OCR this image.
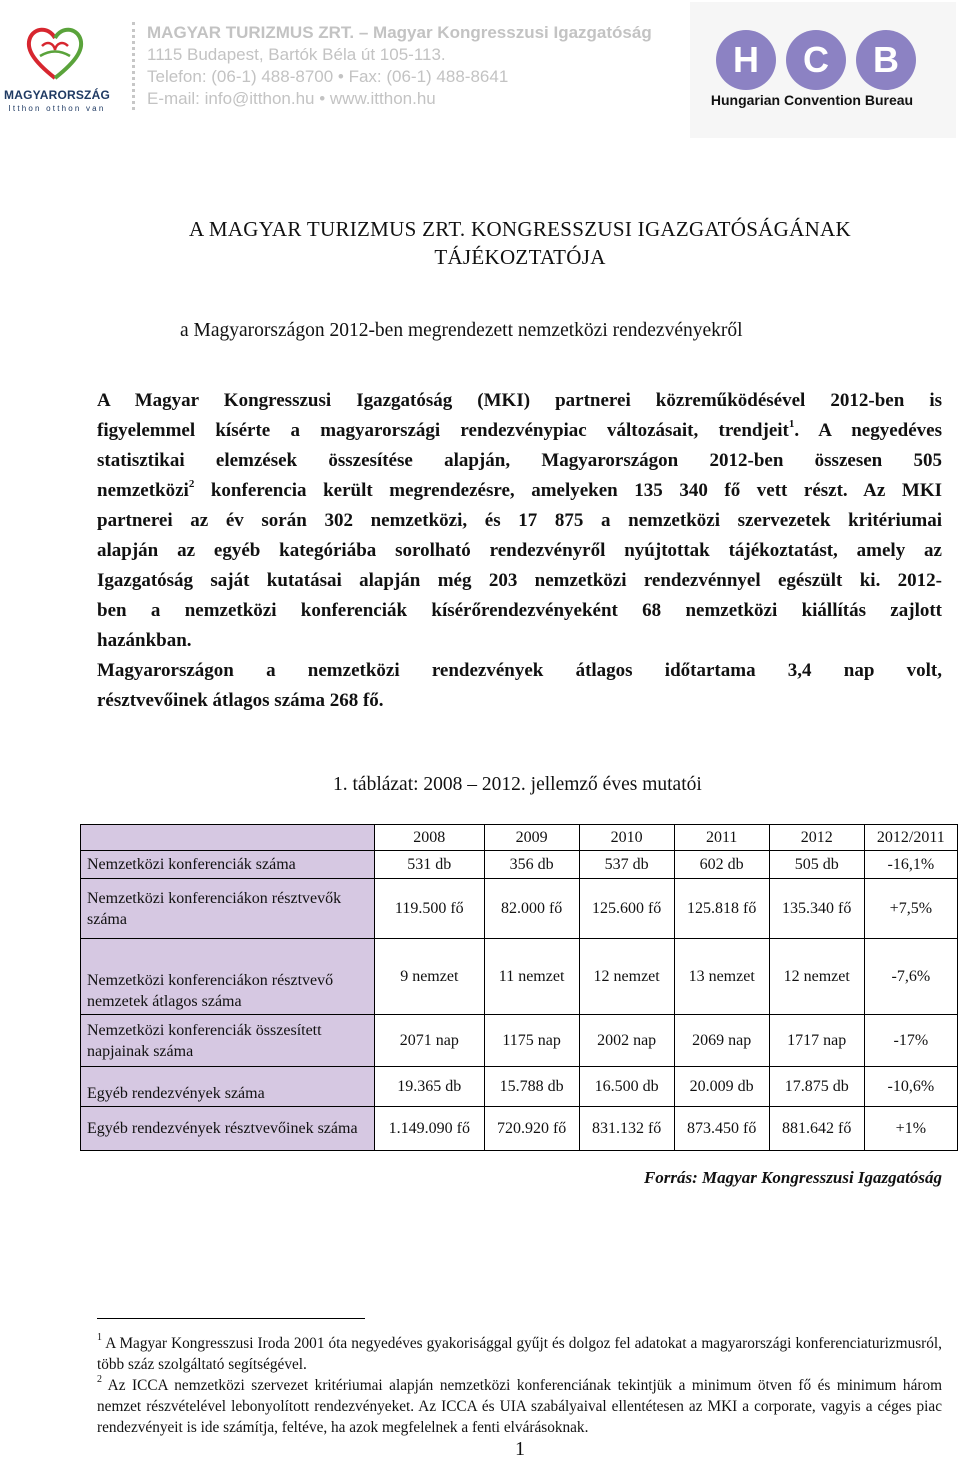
MAGYARORSZÁG
Itthon otthon van
MAGYAR TURIZMUS ZRT. – Magyar Kongresszusi Igazgatóság
1115 Budapest, Bartók Béla út 105-113.
Telefon: (06-1) 488-8700 • Fax: (06-1) 488-8641
E-mail: info@itthon.hu • www.itthon.hu
H C B
Hungarian Convention Bureau
A MAGYAR TURIZMUS ZRT. KONGRESSZUSI IGAZGATÓSÁGÁNAK
TÁJÉKOZTATÓJA
a Magyarországon 2012-ben megrendezett nemzetközi rendezvényekről
A Magyar Kongresszusi Igazgatóság (MKI) partnerei közreműködésével 2012-ben is
figyelemmel kísérte a magyarországi rendezvénypiac változásait, trendjeit$^1$. A negyedéves
statisztikai elemzések összesítése alapján, Magyarországon 2012-ben összesen 505
nemzetközi$^2$ konferencia került megrendezésre, amelyeken 135 340 fő vett részt. Az MKI
partnerei az év során 302 nemzetközi, és 17 875 a nemzetközi szervezetek kritériumai
alapján az egyéb kategóriába sorolható rendezvényről nyújtottak tájékoztatást, amely az
Igazgatóság saját kutatásai alapján még 203 nemzetközi rendezvénnyel egészült ki. 2012-
ben a nemzetközi konferenciák kísérőrendezvényeként 68 nemzetközi kiállítás zajlott
hazánkban.
Magyarországon a nemzetközi rendezvények átlagos időtartama 3,4 nap volt,
résztvevőinek átlagos száma 268 fő.
1. táblázat: 2008 – 2012. jellemző éves mutatói
	2008	2009	2010	2011	2012	2012/2011
Nemzetközi konferenciák száma	531 db	356 db	537 db	602 db	505 db	-16,1%
Nemzetközi konferenciákon résztvevők száma	119.500 fő	82.000 fő	125.600 fő	125.818 fő	135.340 fő	+7,5%
Nemzetközi konferenciákon résztvevő nemzetek átlagos száma	9 nemzet	11 nemzet	12 nemzet	13 nemzet	12 nemzet	-7,6%
Nemzetközi konferenciák összesített napjainak száma	2071 nap	1175 nap	2002 nap	2069 nap	1717 nap	-17%
Egyéb rendezvények száma	19.365 db	15.788 db	16.500 db	20.009 db	17.875 db	-10,6%
Egyéb rendezvények résztvevőinek száma	1.149.090 fő	720.920 fő	831.132 fő	873.450 fő	881.642 fő	+1%
Forrás: Magyar Kongresszusi Igazgatóság

$^1$ A Magyar Kongresszusi Iroda 2001 óta negyedéves gyakorisággal gyűjt és dolgoz fel adatokat a magyarországi konferenciaturizmusról, több száz szolgáltató segítségével.

$^2$ Az ICCA nemzetközi szervezet kritériumai alapján nemzetközi konferenciának tekintjük a minimum ötven fő és minimum három nemzet részvételével lebonyolított rendezvényeket. Az ICCA és UIA szabályaival ellentétesen az MKI a corporate, vagyis a céges piac rendezvényeit is ide számítja, feltéve, ha azok megfelelnek a fenti elvárásoknak.

1
